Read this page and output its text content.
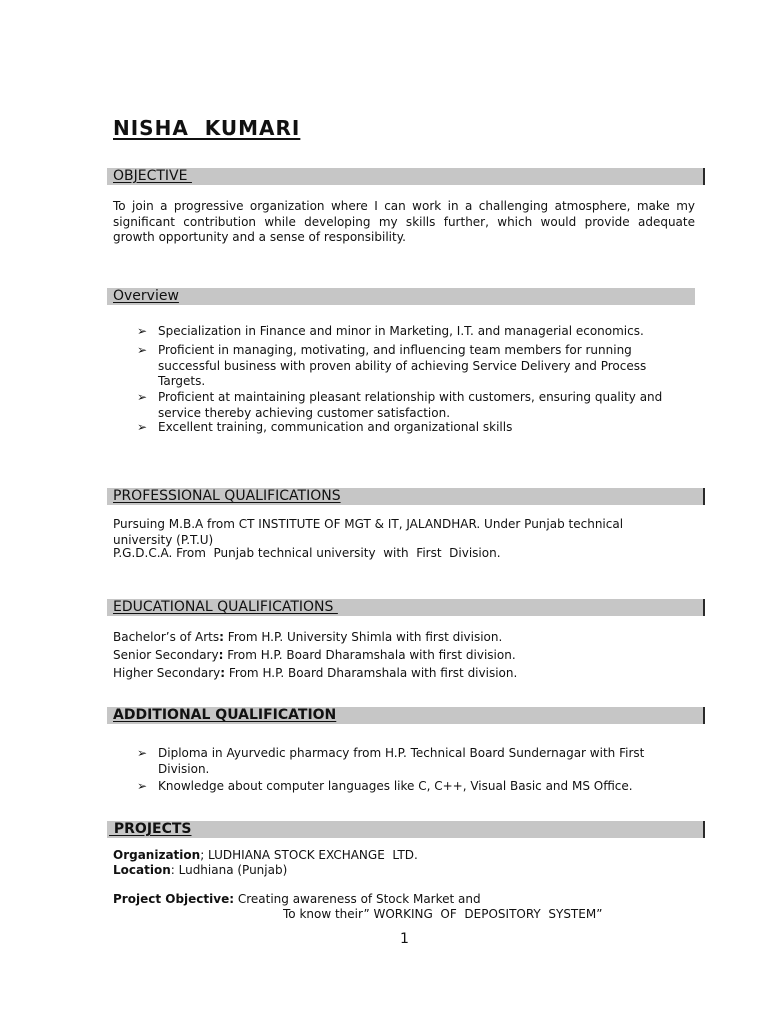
NISHA  KUMARI
OBJECTIVE

To join a progressive organization where I can work in a challenging atmosphere, make my significant contribution while developing my skills further, which would provide adequate growth opportunity and a sense of responsibility.

Overview
➢ Specialization in Finance and minor in Marketing, I.T. and managerial economics.
➢ Proficient in managing, motivating, and influencing team members for running successful business with proven ability of achieving Service Delivery and Process Targets.
➢ Proficient at maintaining pleasant relationship with customers, ensuring quality and service thereby achieving customer satisfaction.
➢ Excellent training, communication and organizational skills
PROFESSIONAL QUALIFICATIONS

Pursuing M.B.A from CT INSTITUTE OF MGT & IT, JALANDHAR. Under Punjab technical university (P.T.U)

P.G.D.C.A. From  Punjab technical university  with  First  Division.
EDUCATIONAL QUALIFICATIONS
Bachelor’s of Arts: From H.P. University Shimla with first division.
Senior Secondary: From H.P. Board Dharamshala with first division.
Higher Secondary: From H.P. Board Dharamshala with first division.
ADDITIONAL QUALIFICATION
➢ Diploma in Ayurvedic pharmacy from H.P. Technical Board Sundernagar with First Division.
➢ Knowledge about computer languages like C, C++, Visual Basic and MS Office.
PROJECTS
Organization; LUDHIANA STOCK EXCHANGE  LTD.
Location: Ludhiana (Punjab)
Project Objective: Creating awareness of Stock Market and
To know their” WORKING  OF  DEPOSITORY  SYSTEM”
1
